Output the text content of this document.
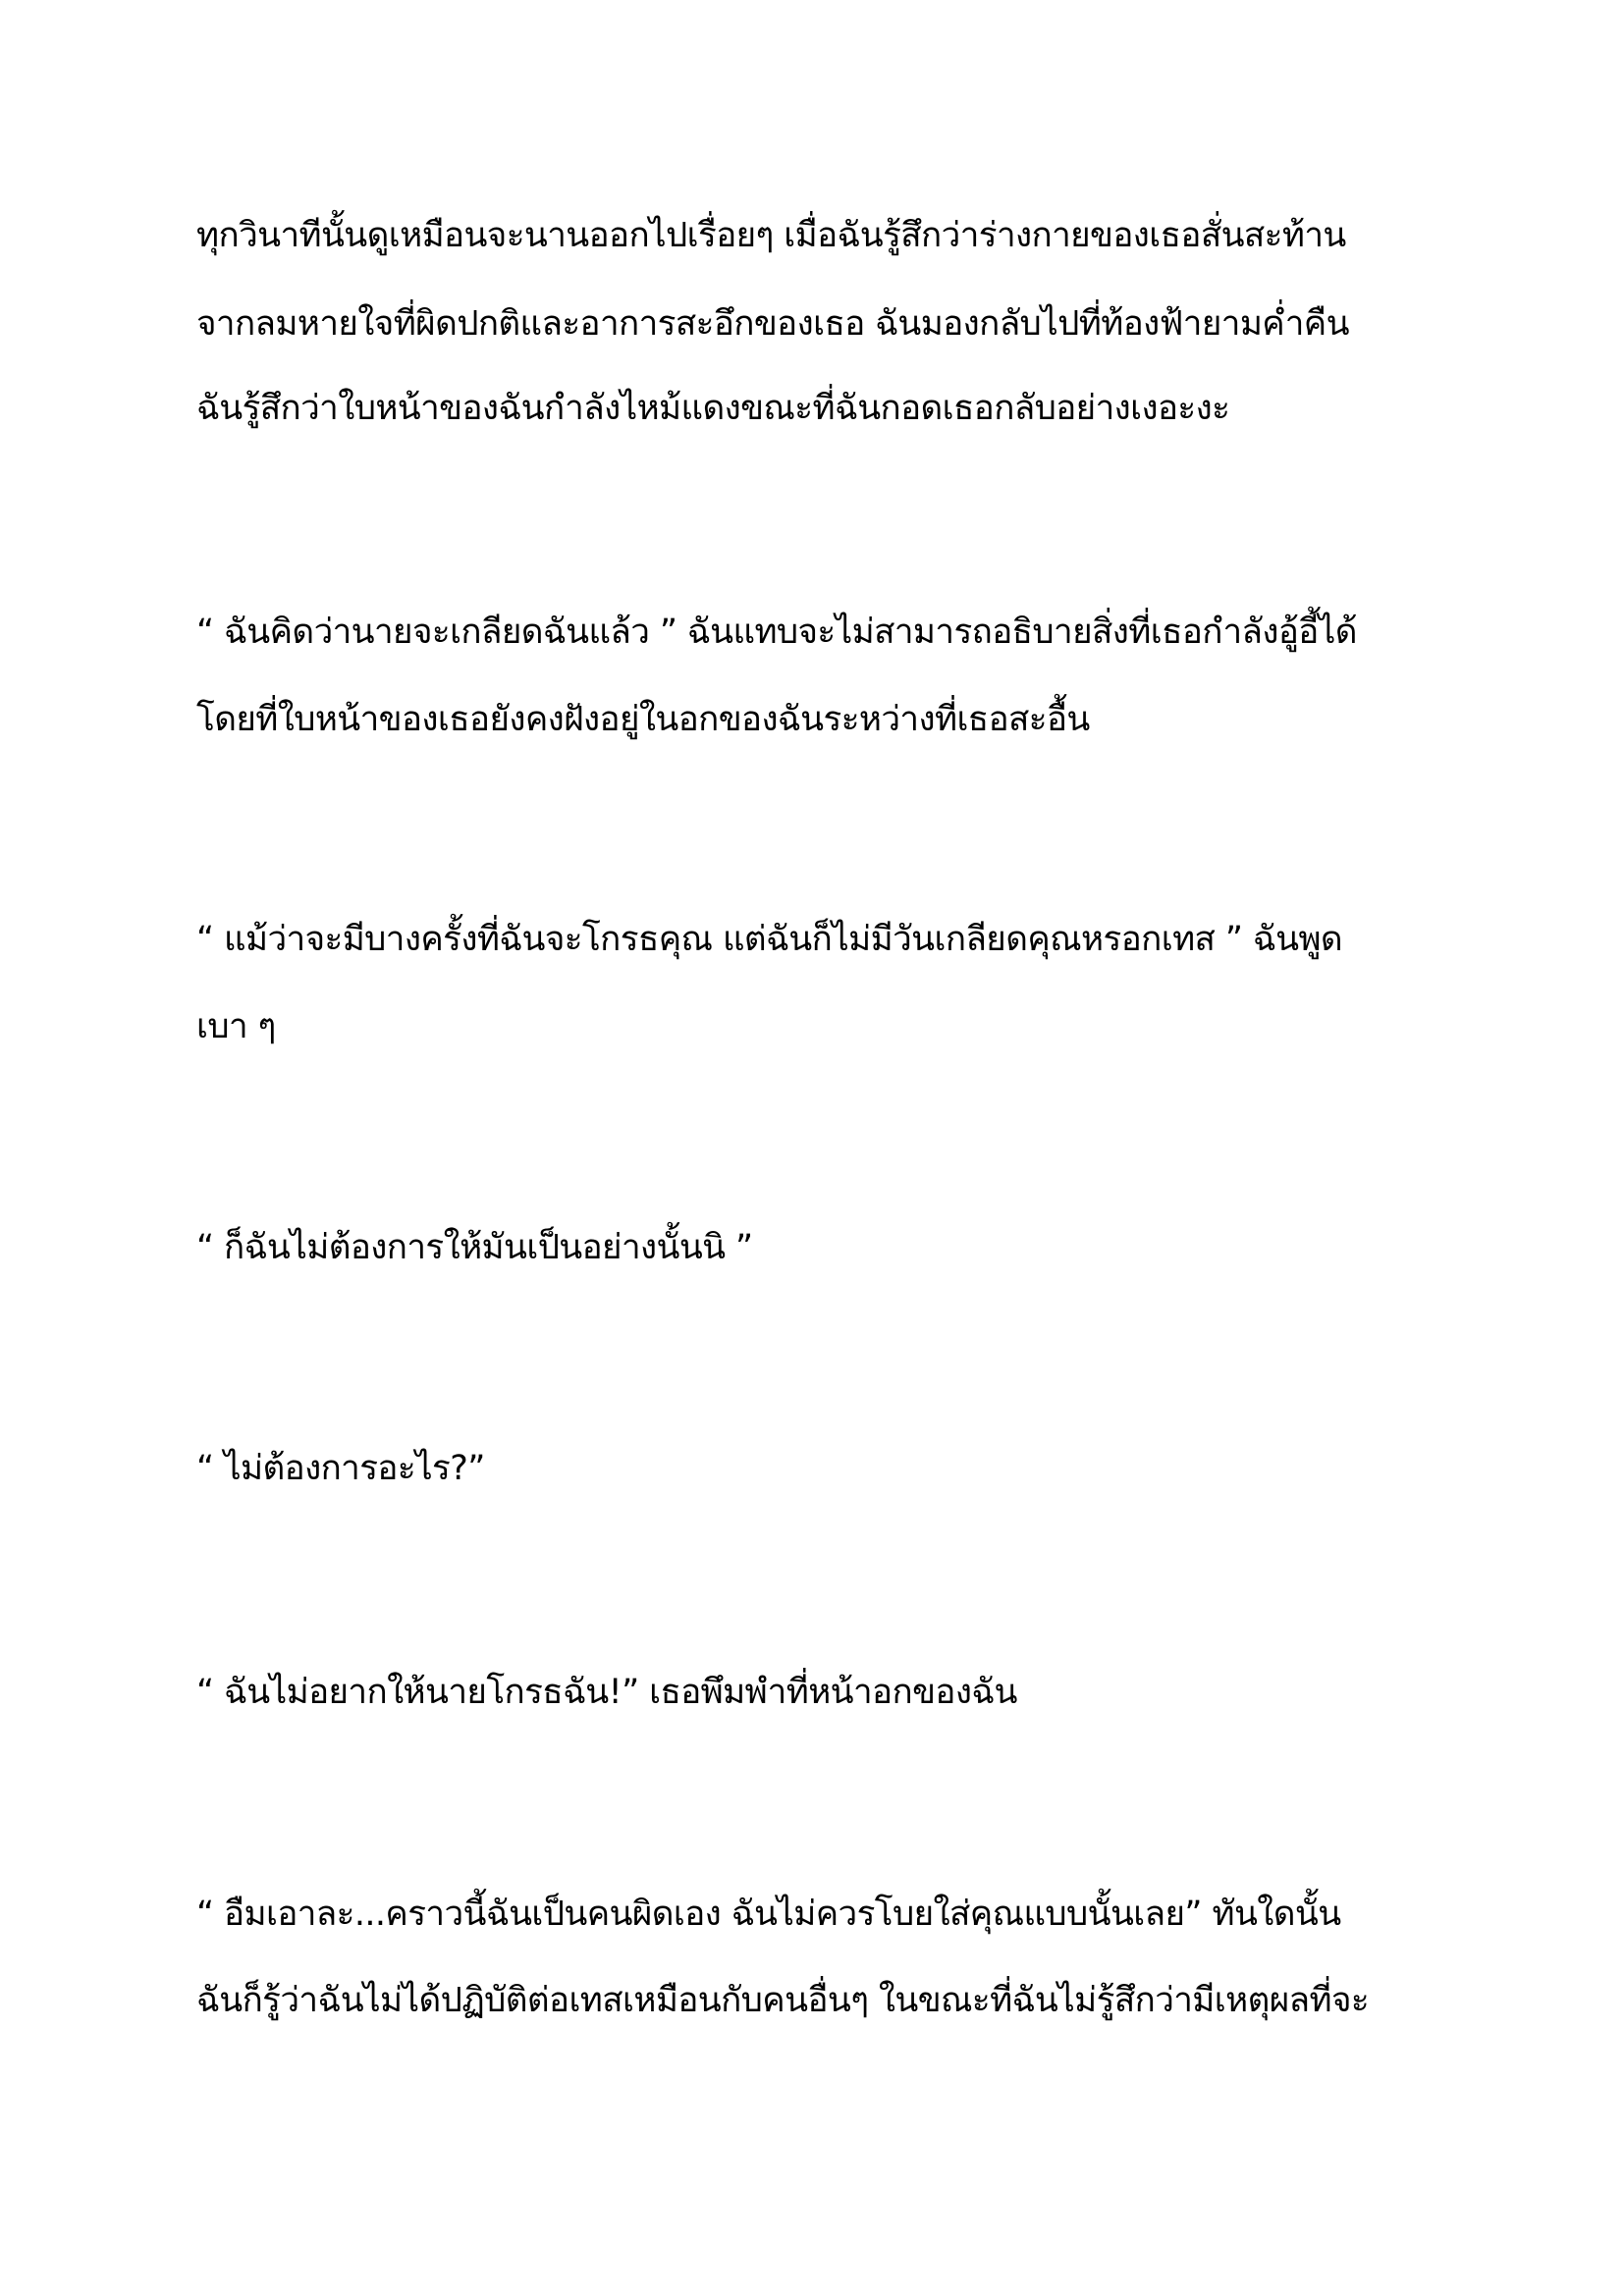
ทุกวินาทีนั้นดูเหมือนจะนานออกไปเรื่อยๆ เมื่อฉันรู้สึกว่าร่างกายของเธอสั่นสะท้าน
จากลมหายใจที่ผิดปกติและอาการสะอึกของเธอ ฉันมองกลับไปที่ท้องฟ้ายามค่ำคืน
ฉันรู้สึกว่าใบหน้าของฉันกำลังไหม้แดงขณะที่ฉันกอดเธอกลับอย่างเงอะงะ
“ ฉันคิดว่านายจะเกลียดฉันแล้ว ” ฉันแทบจะไม่สามารถอธิบายสิ่งที่เธอกำลังอู้อี้ได้
โดยที่ใบหน้าของเธอยังคงฝังอยู่ในอกของฉันระหว่างที่เธอสะอื้น
“ แม้ว่าจะมีบางครั้งที่ฉันจะโกรธคุณ แต่ฉันก็ไม่มีวันเกลียดคุณหรอกเทส ” ฉันพูด
เบา ๆ
“ ก็ฉันไม่ต้องการให้มันเป็นอย่างนั้นนิ ”
“ ไม่ต้องการอะไร?”
“ ฉันไม่อยากให้นายโกรธฉัน!” เธอพึมพำที่หน้าอกของฉัน
“ อืมเอาละ...คราวนี้ฉันเป็นคนผิดเอง ฉันไม่ควรโบยใส่คุณแบบนั้นเลย” ทันใดนั้น
ฉันก็รู้ว่าฉันไม่ได้ปฏิบัติต่อเทสเหมือนกับคนอื่นๆ ในขณะที่ฉันไม่รู้สึกว่ามีเหตุผลที่จะ
